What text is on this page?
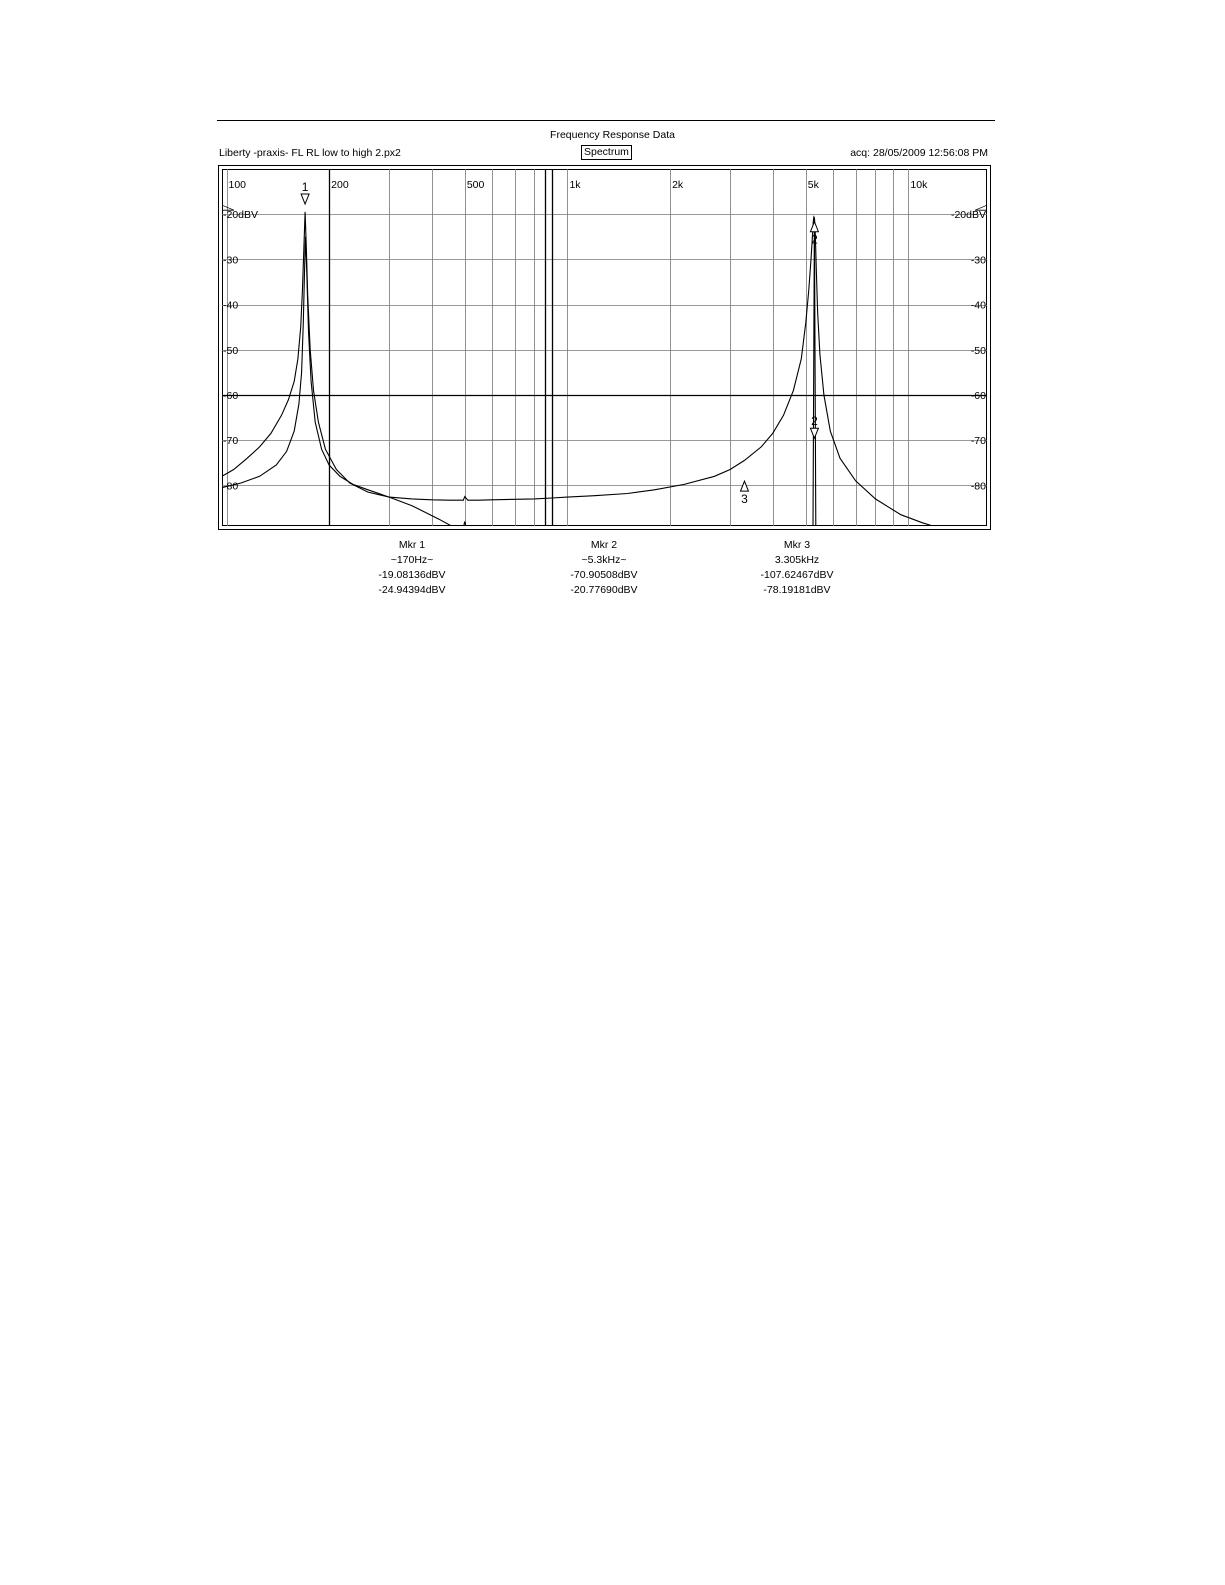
Frequency Response Data
Liberty -praxis- FL RL low to high 2.px2	Spectrum	acq: 28/05/2009 12:56:08 PM
100	200	500	1k	2k	5k	10k
-20dBV	-20dBV
-30	-30
-40	-40
-50	-50
-60	-60
-70	-70
-80	-80
1
2
2
3
Mkr 1
~170Hz~
-19.08136dBV
-24.94394dBV
Mkr 2
~5.3kHz~
-70.90508dBV
-20.77690dBV
Mkr 3
3.305kHz
-107.62467dBV
-78.19181dBV
